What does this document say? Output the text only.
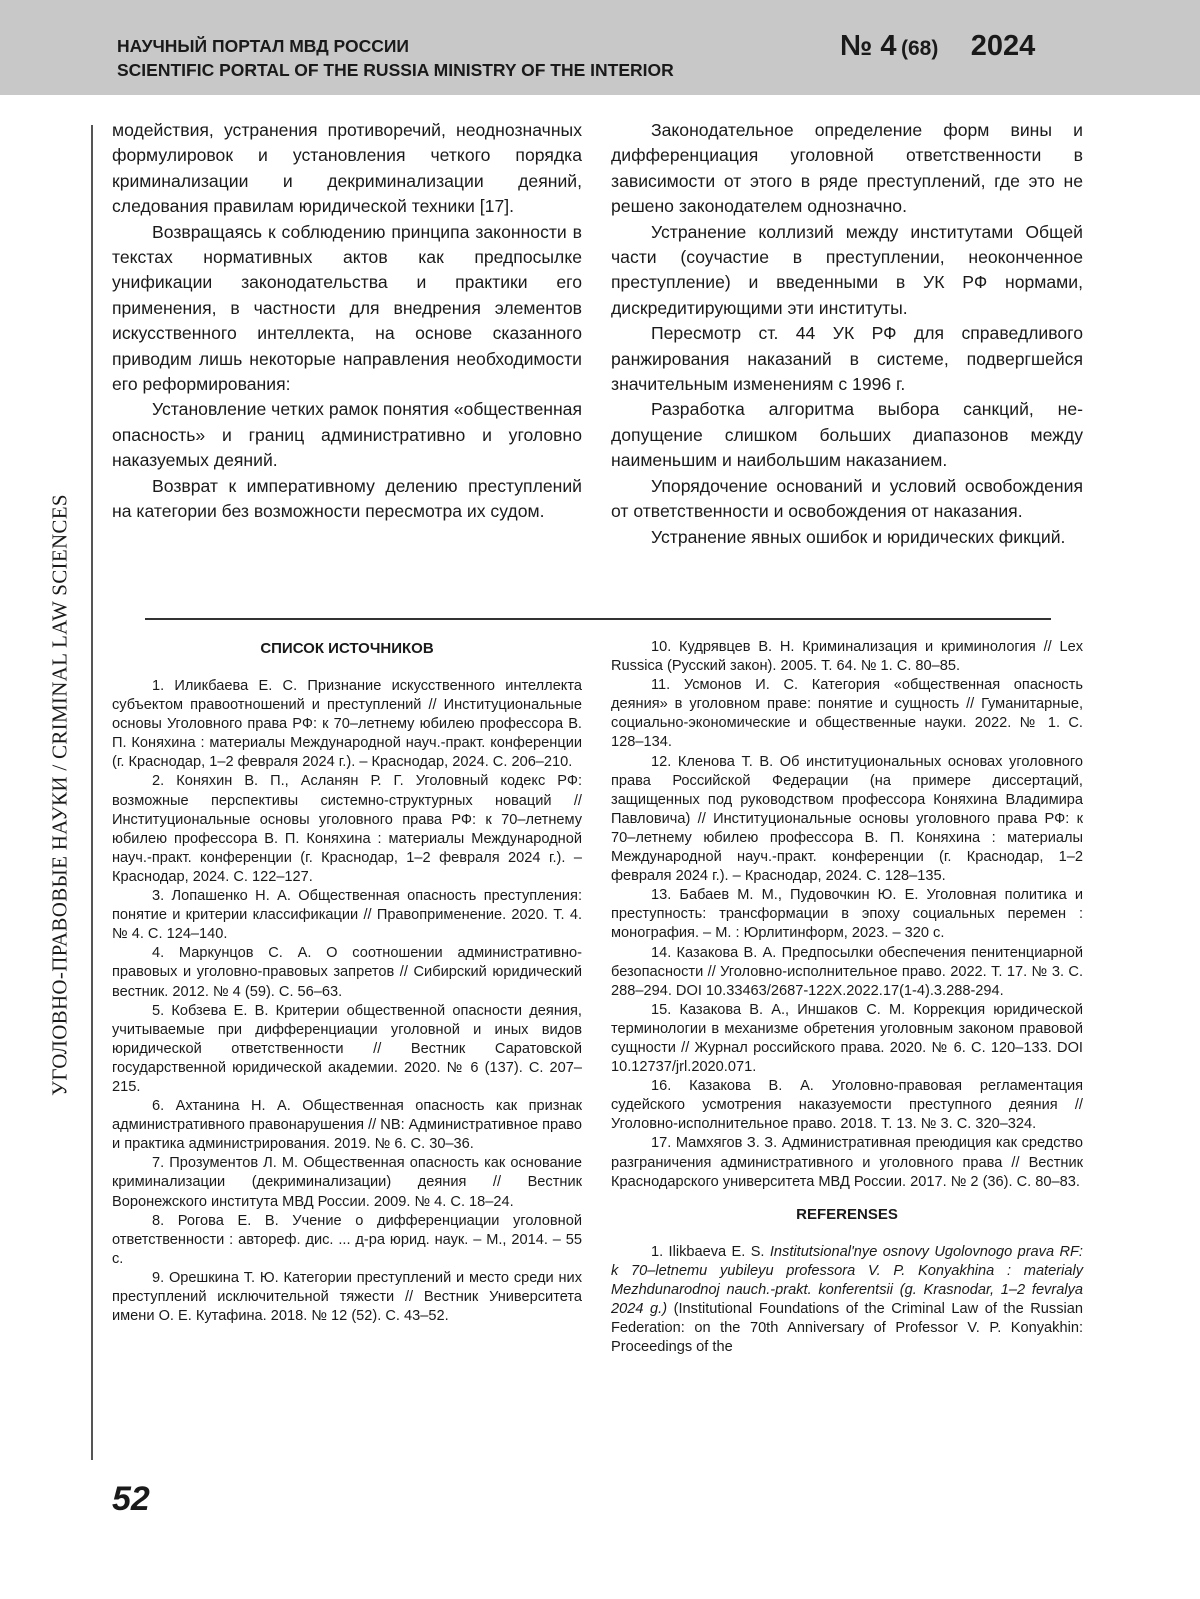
НАУЧНЫЙ ПОРТАЛ МВД РОССИИ
SCIENTIFIC PORTAL OF THE RUSSIA MINISTRY OF THE INTERIOR
№ 4 (68) 2024
УГОЛОВНО-ПРАВОВЫЕ НАУКИ / CRIMINAL LAW SCIENCES

модействия, устранения противоречий, неоднозначных формулировок и установления четкого порядка криминализации и декриминализации деяний, следования правилам юридической техники [17].

Возвращаясь к соблюдению принципа законности в текстах нормативных актов как предпосылке унификации законодательства и практики его применения, в частности для внедрения элементов искусственного интеллекта, на основе сказанного приводим лишь некоторые направления необходимости его реформирования:

Установление четких рамок понятия «общественная опасность» и границ административно и уголовно наказуемых деяний.

Возврат к императивному делению преступлений на категории без возможности пересмотра их судом.

Законодательное определение форм вины и дифференциация уголовной ответственности в зависимости от этого в ряде преступлений, где это не решено законодателем однозначно.

Устранение коллизий между институтами Общей части (соучастие в преступлении, неоконченное преступление) и введенными в УК РФ нормами, дискредитирующими эти институты.

Пересмотр ст. 44 УК РФ для справедливого ранжирования наказаний в системе, подвергшейся значительным изменениям с 1996 г.

Разработка алгоритма выбора санкций, недопущение слишком больших диапазонов между наименьшим и наибольшим наказанием.

Упорядочение оснований и условий освобождения от ответственности и освобождения от наказания.

Устранение явных ошибок и юридических фикций.

СПИСОК ИСТОЧНИКОВ

1. Иликбаева Е. С. Признание искусственного интеллекта субъектом правоотношений и преступлений // Институциональные основы Уголовного права РФ: к 70–летнему юбилею профессора В. П. Коняхина : материалы Международной науч.-практ. конференции (г. Краснодар, 1–2 февраля 2024 г.). – Краснодар, 2024. С. 206–210.

2. Коняхин В. П., Асланян Р. Г. Уголовный кодекс РФ: возможные перспективы системно-структурных новаций // Институциональные основы уголовного права РФ: к 70–летнему юбилею профессора В. П. Коняхина : материалы Международной науч.-практ. конференции (г. Краснодар, 1–2 февраля 2024 г.). – Краснодар, 2024. С. 122–127.

3. Лопашенко Н. А. Общественная опасность преступления: понятие и критерии классификации // Правоприменение. 2020. Т. 4. № 4. С. 124–140.

4. Маркунцов С. А. О соотношении административно-правовых и уголовно-правовых запретов // Сибирский юридический вестник. 2012. № 4 (59). С. 56–63.

5. Кобзева Е. В. Критерии общественной опасности деяния, учитываемые при дифференциации уголовной и иных видов юридической ответственности // Вестник Саратовской государственной юридической академии. 2020. № 6 (137). С. 207–215.

6. Ахтанина Н. А. Общественная опасность как признак административного правонарушения // NB: Административное право и практика администрирования. 2019. № 6. С. 30–36.

7. Прозументов Л. М. Общественная опасность как основание криминализации (декриминализации) деяния // Вестник Воронежского института МВД России. 2009. № 4. С. 18–24.

8. Рогова Е. В. Учение о дифференциации уголовной ответственности : автореф. дис. ... д-ра юрид. наук. – М., 2014. – 55 с.

9. Орешкина Т. Ю. Категории преступлений и место среди них преступлений исключительной тяжести // Вестник Университета имени О. Е. Кутафина. 2018. № 12 (52). С. 43–52.

10. Кудрявцев В. Н. Криминализация и криминология // Lex Russica (Русский закон). 2005. Т. 64. № 1. С. 80–85.

11. Усмонов И. С. Категория «общественная опасность деяния» в уголовном праве: понятие и сущность // Гуманитарные, социально-экономические и общественные науки. 2022. № 1. С. 128–134.

12. Кленова Т. В. Об институциональных основах уголовного права Российской Федерации (на примере диссертаций, защищенных под руководством профессора Коняхина Владимира Павловича) // Институциональные основы уголовного права РФ: к 70–летнему юбилею профессора В. П. Коняхина : материалы Международной науч.-практ. конференции (г. Краснодар, 1–2 февраля 2024 г.). – Краснодар, 2024. С. 128–135.

13. Бабаев М. М., Пудовочкин Ю. Е. Уголовная политика и преступность: трансформации в эпоху социальных перемен : монография. – М. : Юрлитинформ, 2023. – 320 с.

14. Казакова В. А. Предпосылки обеспечения пенитенциарной безопасности // Уголовно-исполнительное право. 2022. Т. 17. № 3. С. 288–294. DOI 10.33463/2687-122X.2022.17(1-4).3.288-294.

15. Казакова В. А., Иншаков С. М. Коррекция юридической терминологии в механизме обретения уголовным законом правовой сущности // Журнал российского права. 2020. № 6. С. 120–133. DOI 10.12737/jrl.2020.071.

16. Казакова В. А. Уголовно-правовая регламентация судейского усмотрения наказуемости преступного деяния // Уголовно-исполнительное право. 2018. Т. 13. № 3. С. 320–324.

17. Мамхягов З. З. Административная преюдиция как средство разграничения административного и уголовного права // Вестник Краснодарского университета МВД России. 2017. № 2 (36). С. 80–83.

REFERENSES

1. Ilikbaeva E. S. Institutsional'nye osnovy Ugolovnogo prava RF: k 70–letnemu yubileyu professora V. P. Konyakhina : materialy Mezhdunarodnoj nauch.-prakt. konferentsii (g. Krasnodar, 1–2 fevralya 2024 g.) (Institutional Foundations of the Criminal Law of the Russian Federation: on the 70th Anniversary of Professor V. P. Konyakhin: Proceedings of the

52
